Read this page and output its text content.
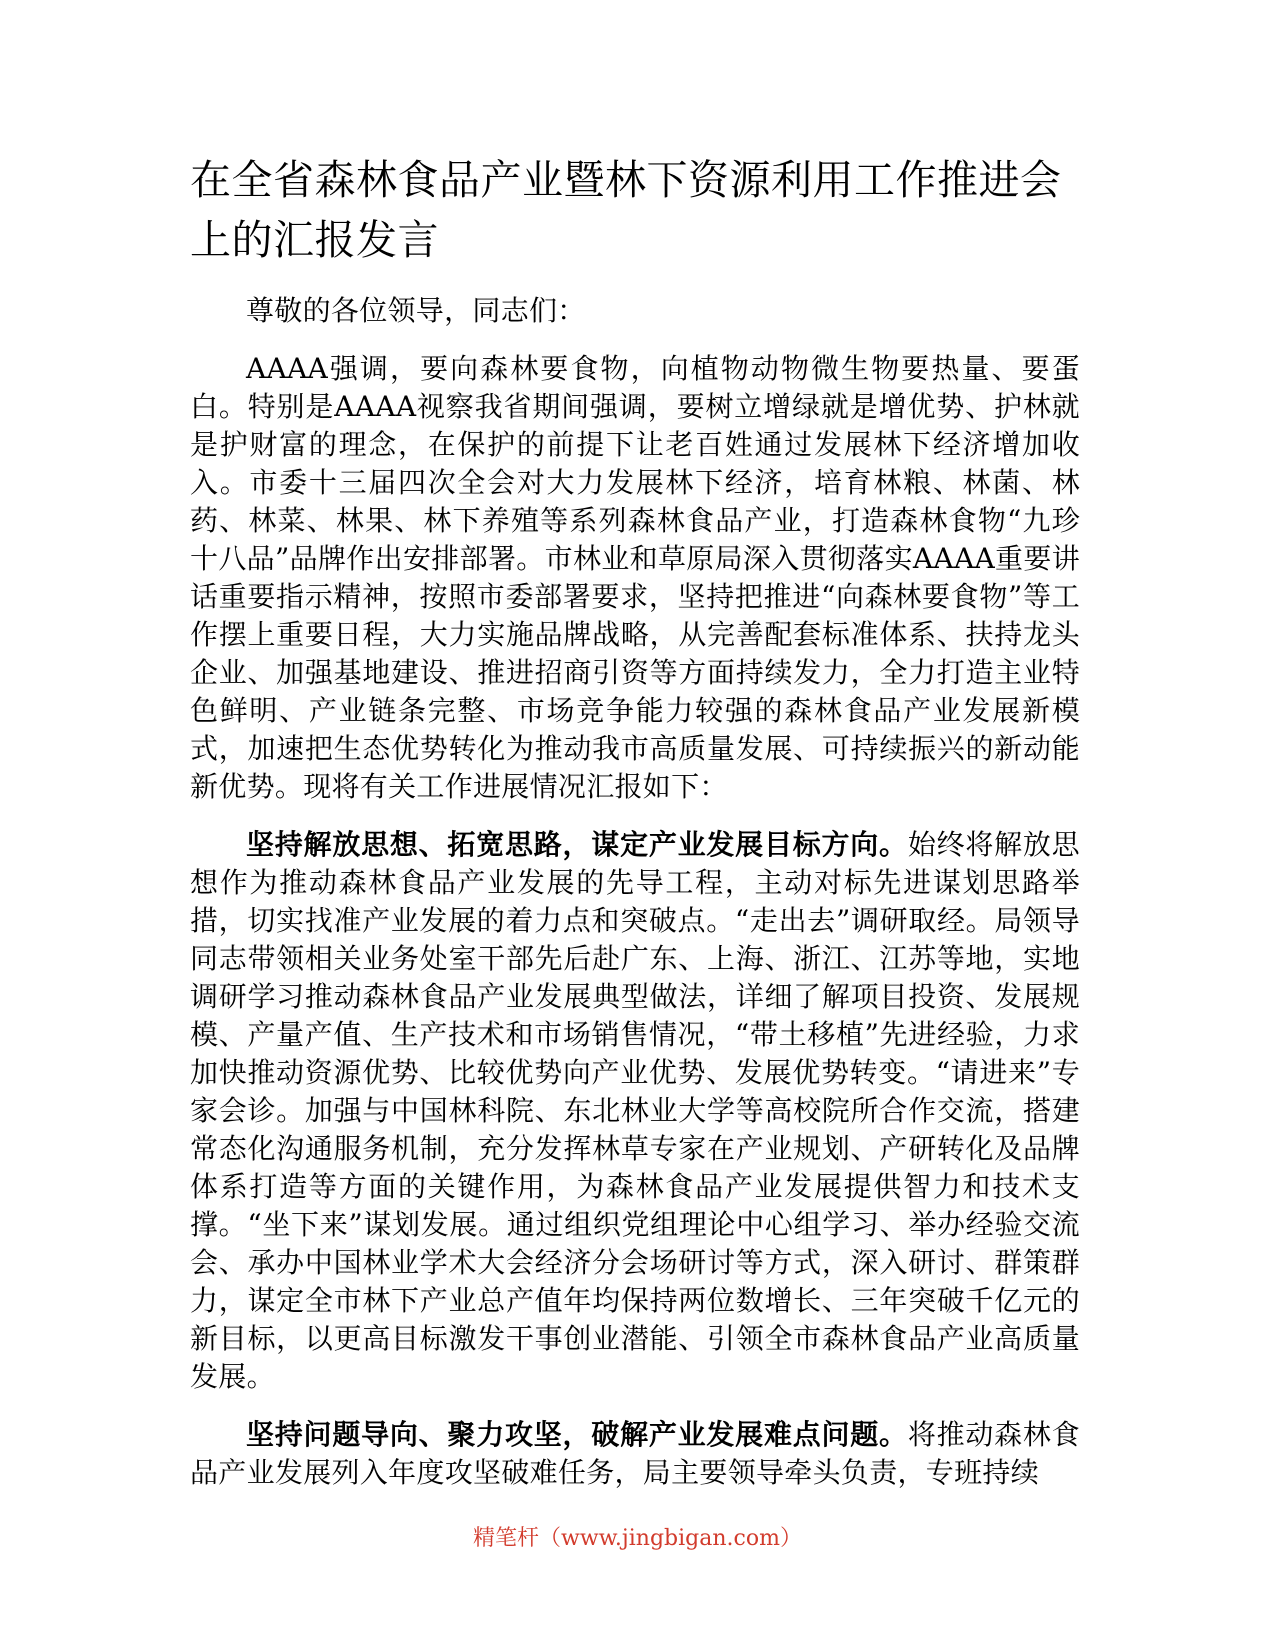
在全省森林食品产业暨林下资源利用工作推进会上的汇报发言

尊敬的各位领导，同志们：

AAAA强调，要向森林要食物，向植物动物微生物要热量、要蛋白。特别是AAAA视察我省期间强调，要树立增绿就是增优势、护林就是护财富的理念，在保护的前提下让老百姓通过发展林下经济增加收入。市委十三届四次全会对大力发展林下经济，培育林粮、林菌、林药、林菜、林果、林下养殖等系列森林食品产业，打造森林食物“九珍十八品”品牌作出安排部署。市林业和草原局深入贯彻落实AAAA重要讲话重要指示精神，按照市委部署要求，坚持把推进“向森林要食物”等工作摆上重要日程，大力实施品牌战略，从完善配套标准体系、扶持龙头企业、加强基地建设、推进招商引资等方面持续发力，全力打造主业特色鲜明、产业链条完整、市场竞争能力较强的森林食品产业发展新模式，加速把生态优势转化为推动我市高质量发展、可持续振兴的新动能新优势。现将有关工作进展情况汇报如下：

坚持解放思想、拓宽思路，谋定产业发展目标方向。始终将解放思想作为推动森林食品产业发展的先导工程，主动对标先进谋划思路举措，切实找准产业发展的着力点和突破点。“走出去”调研取经。局领导同志带领相关业务处室干部先后赴广东、上海、浙江、江苏等地，实地调研学习推动森林食品产业发展典型做法，详细了解项目投资、发展规模、产量产值、生产技术和市场销售情况，“带土移植”先进经验，力求加快推动资源优势、比较优势向产业优势、发展优势转变。“请进来”专家会诊。加强与中国林科院、东北林业大学等高校院所合作交流，搭建常态化沟通服务机制，充分发挥林草专家在产业规划、产研转化及品牌体系打造等方面的关键作用，为森林食品产业发展提供智力和技术支撑。“坐下来”谋划发展。通过组织党组理论中心组学习、举办经验交流会、承办中国林业学术大会经济分会场研讨等方式，深入研讨、群策群力，谋定全市林下产业总产值年均保持两位数增长、三年突破千亿元的新目标，以更高目标激发干事创业潜能、引领全市森林食品产业高质量发展。

坚持问题导向、聚力攻坚，破解产业发展难点问题。将推动森林食品产业发展列入年度攻坚破难任务，局主要领导牵头负责，专班持续

精笔杆（www.jingbigan.com）
